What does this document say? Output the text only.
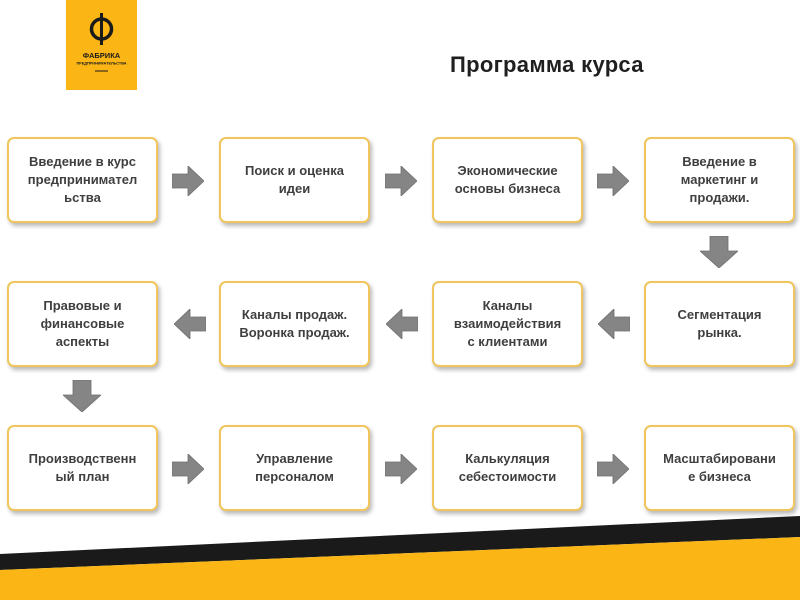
ФАБРИКА
ПРЕДПРИНИМАТЕЛЬСТВА	Программа курса
Введение в курс
предпринимател
ьства
Поиск и оценка
идеи
Экономические
основы бизнеса
Введение в
маркетинг и
продажи.
Сегментация
рынка.
Каналы
взаимодействия
с клиентами
Каналы продаж.
Воронка продаж.
Правовые и
финансовые
аспекты
Производственн
ый план
Управление
персоналом
Калькуляция
себестоимости
Масштабировани
е бизнеса
